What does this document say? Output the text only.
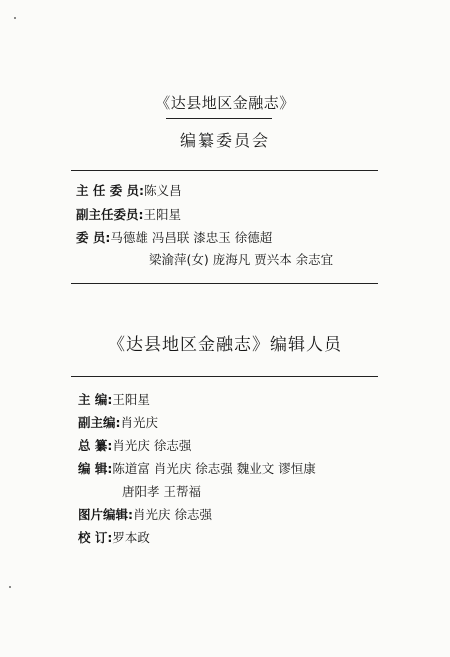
《达县地区金融志》
编纂委员会
主 任 委 员:陈义昌
副主任委员:王阳星
委 员:马德雄 冯昌联 漆忠玉 徐德超
梁渝萍(女) 庞海凡 贾兴本 余志宜
《达县地区金融志》编辑人员
主 编:王阳星
副主编:肖光庆
总 纂:肖光庆 徐志强
编 辑:陈道富 肖光庆 徐志强 魏业文 谬恒康
唐阳孝 王帮福
图片编辑:肖光庆 徐志强
校 订:罗本政
